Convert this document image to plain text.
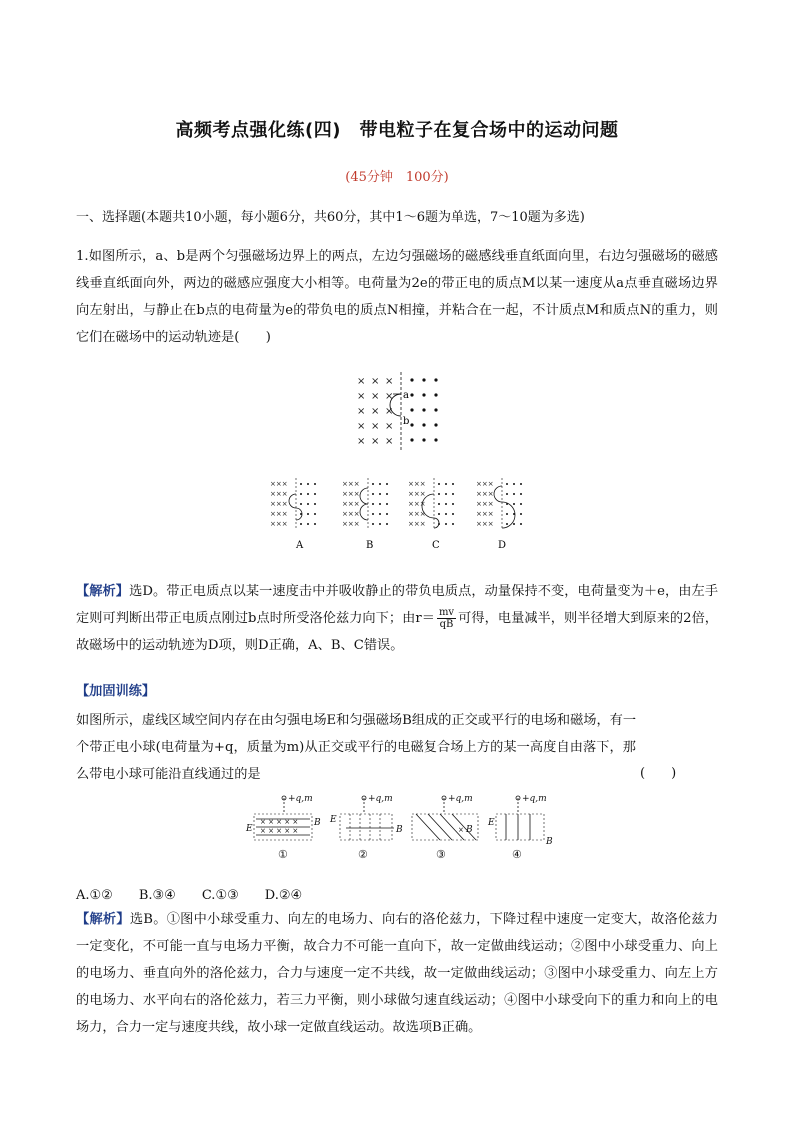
高频考点强化练(四)　带电粒子在复合场中的运动问题
(45分钟　100分)
一、选择题(本题共10小题，每小题6分，共60分，其中1～6题为单选，7～10题为多选)

1.如图所示，a、b是两个匀强磁场边界上的两点，左边匀强磁场的磁感线垂直纸面向里，右边匀强磁场的磁感线垂直纸面向外，两边的磁感应强度大小相等。电荷量为2e的带正电的质点M以某一速度从a点垂直磁场边界向左射出，与静止在b点的电荷量为e的带负电的质点N相撞，并粘合在一起，不计质点M和质点N的重力，则它们在磁场中的运动轨迹是(　　)

× × ×
× × ×
× × ×
× × ×
× × ×
a
b
A	B	C	D

【解析】选D。带正电质点以某一速度击中并吸收静止的带负电质点，动量保持不变，电荷量变为＋e，由左手定则可判断出带正电质点刚过b点时所受洛伦兹力向下；由$r= \frac{mv}{qB}$ 可得，电量减半，则半径增大到原来的2倍，故磁场中的运动轨迹为D项，则D正确，A、B、C错误。

【加固训练】

如图所示，虚线区域空间内存在由匀强电场E和匀强磁场B组成的正交或平行的电场和磁场，有一个带正电小球(电荷量为+q，质量为m)从正交或平行的电磁复合场上方的某一高度自由落下，那么带电小球可能沿直线通过的是	(　　)
+q,m
× × × × ×
× × × × ×
E
B
①
+q,m
E
B
②
+q,m
× B
③
+q,m
E
B
④
A.①②　　B.③④　　C.①③　　D.②④

【解析】选B。①图中小球受重力、向左的电场力、向右的洛伦兹力，下降过程中速度一定变大，故洛伦兹力一定变化，不可能一直与电场力平衡，故合力不可能一直向下，故一定做曲线运动；②图中小球受重力、向上的电场力、垂直向外的洛伦兹力，合力与速度一定不共线，故一定做曲线运动；③图中小球受重力、向左上方的电场力、水平向右的洛伦兹力，若三力平衡，则小球做匀速直线运动；④图中小球受向下的重力和向上的电场力，合力一定与速度共线，故小球一定做直线运动。故选项B正确。
